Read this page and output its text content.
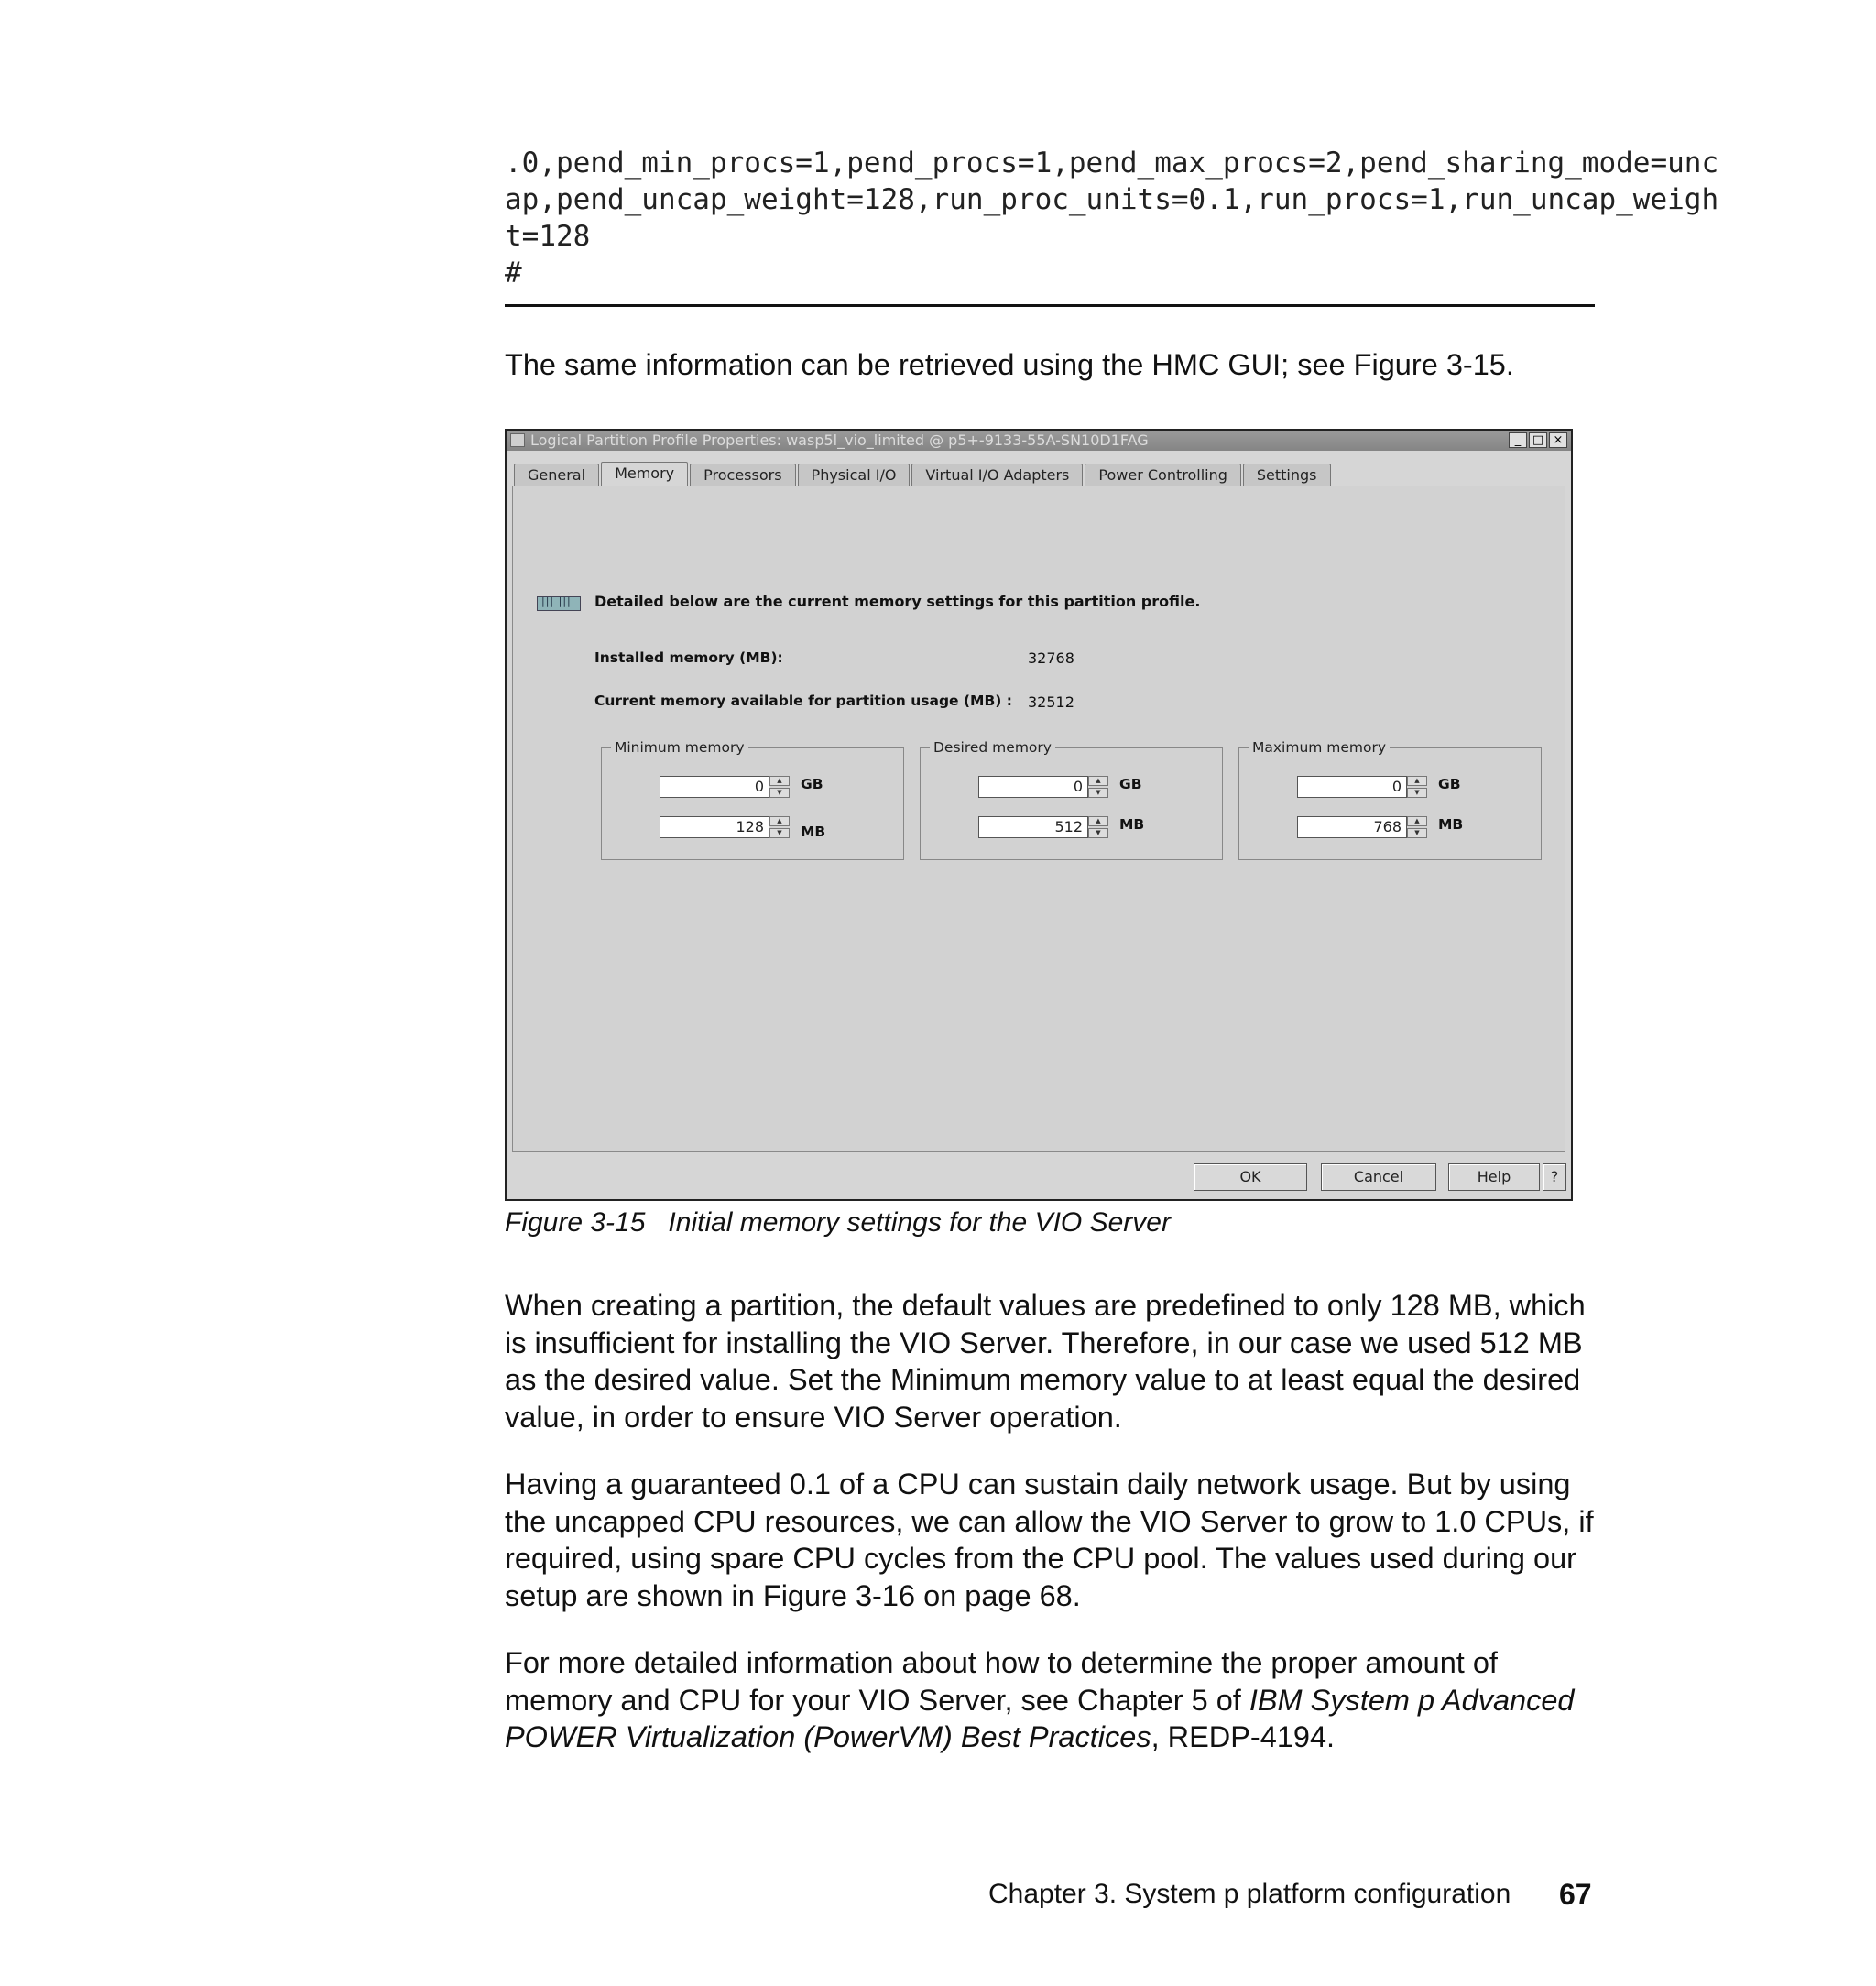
.0,pend_min_procs=1,pend_procs=1,pend_max_procs=2,pend_sharing_mode=unc
ap,pend_uncap_weight=128,run_proc_units=0.1,run_procs=1,run_uncap_weigh
t=128
#
The same information can be retrieved using the HMC GUI; see Figure 3-15.
Logical Partition Profile Properties: wasp5l_vio_limited @ p5+-9133-55A-SN10D1FAG	_ □ ×
General	Memory	Processors	Physical I/O	Virtual I/O Adapters	Power Controlling	Settings
||| |||
Detailed below are the current memory settings for this partition profile.
Installed memory (MB):	32768
Current memory available for partition usage (MB) : 32512
Minimum memory
0	▲
▼	GB
128	▲
▼	MB
Desired memory
0	▲
▼	GB
512	▲
▼	MB
Maximum memory
0	▲
▼	GB
768	▲
▼	MB
OK	Cancel	Help	?
Figure 3-15   Initial memory settings for the VIO Server
When creating a partition, the default values are predefined to only 128 MB, which is insufficient for installing the VIO Server. Therefore, in our case we used 512 MB as the desired value. Set the Minimum memory value to at least equal the desired value, in order to ensure VIO Server operation.
Having a guaranteed 0.1 of a CPU can sustain daily network usage. But by using the uncapped CPU resources, we can allow the VIO Server to grow to 1.0 CPUs, if required, using spare CPU cycles from the CPU pool. The values used during our setup are shown in Figure 3-16 on page 68.
For more detailed information about how to determine the proper amount of memory and CPU for your VIO Server, see Chapter 5 of IBM System p Advanced POWER Virtualization (PowerVM) Best Practices, REDP-4194.
Chapter 3. System p platform configuration 67
